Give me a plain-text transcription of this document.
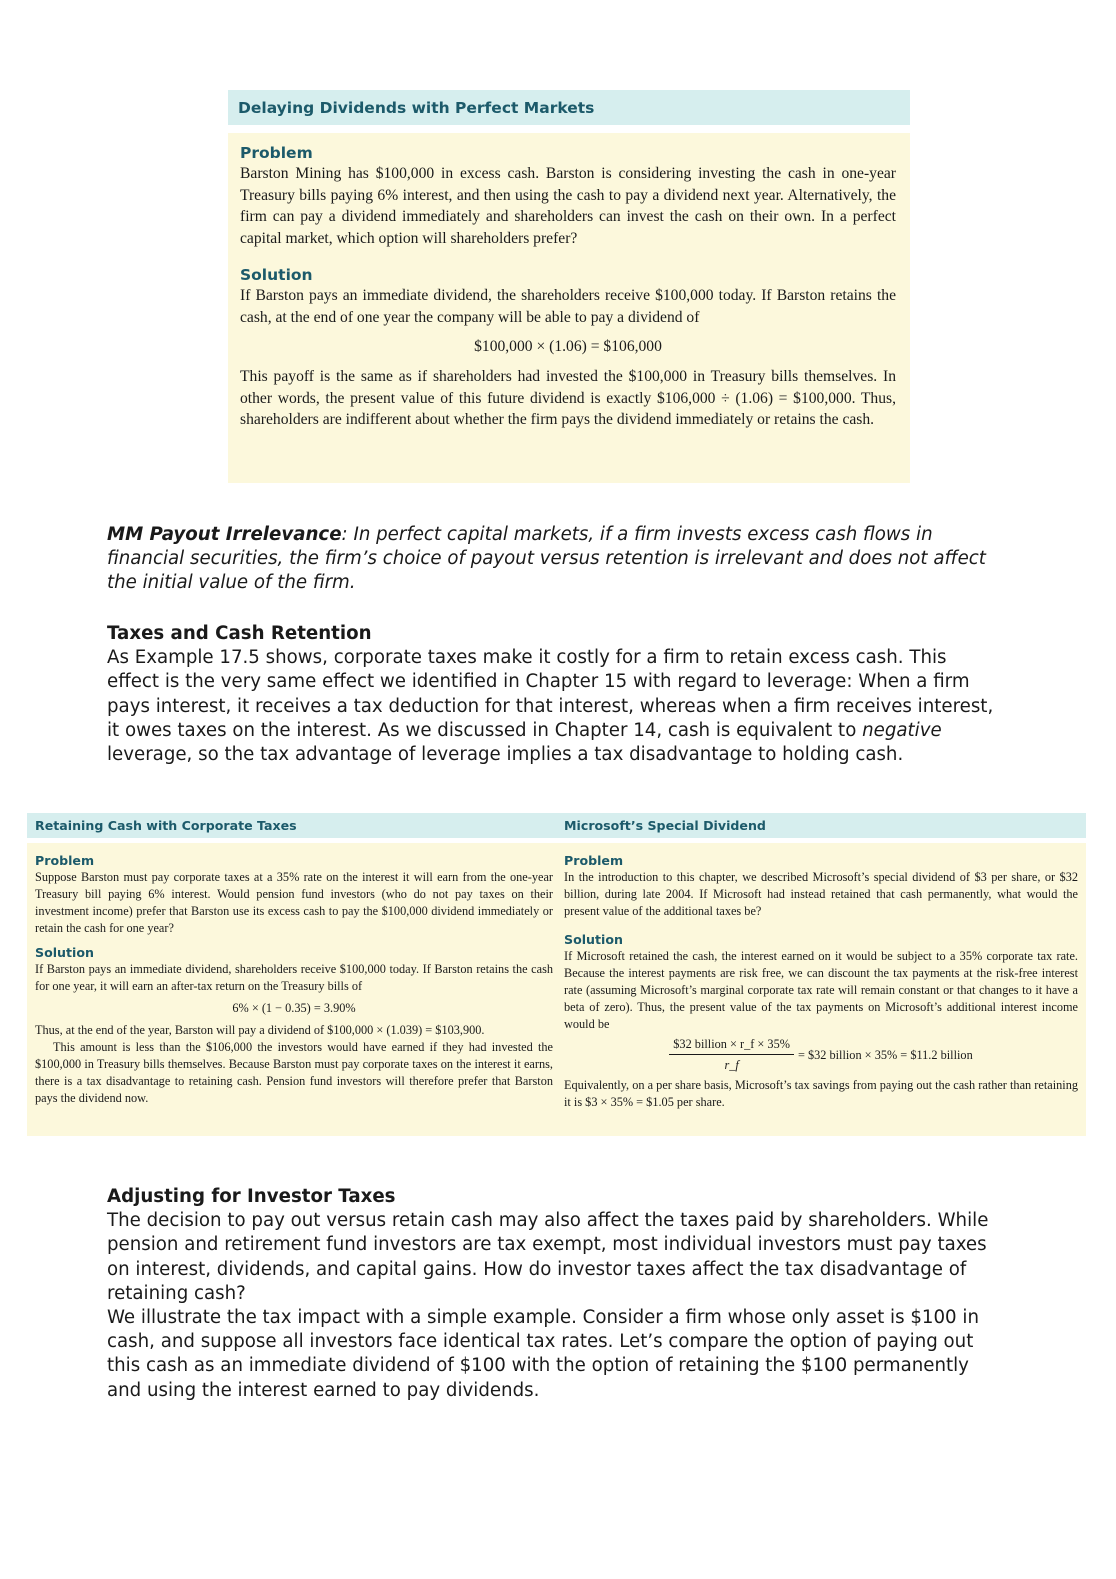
Delaying Dividends with Perfect Markets
Problem

Barston Mining has $100,000 in excess cash. Barston is considering investing the cash in one-year Treasury bills paying 6% interest, and then using the cash to pay a dividend next year. Alternatively, the firm can pay a dividend immediately and shareholders can invest the cash on their own. In a perfect capital market, which option will shareholders prefer?

Solution

If Barston pays an immediate dividend, the shareholders receive $100,000 today. If Barston retains the cash, at the end of one year the company will be able to pay a dividend of

$100,000 × (1.06) = $106,000

This payoff is the same as if shareholders had invested the $100,000 in Treasury bills themselves. In other words, the present value of this future dividend is exactly $106,000 ÷ (1.06) = $100,000. Thus, shareholders are indifferent about whether the firm pays the dividend immediately or retains the cash.

MM Payout Irrelevance: In perfect capital markets, if a firm invests excess cash flows in financial securities, the firm’s choice of payout versus retention is irrelevant and does not affect the initial value of the firm.

Taxes and Cash Retention

As Example 17.5 shows, corporate taxes make it costly for a firm to retain excess cash. This effect is the very same effect we identified in Chapter 15 with regard to leverage: When a firm pays interest, it receives a tax deduction for that interest, whereas when a firm receives interest, it owes taxes on the interest. As we discussed in Chapter 14, cash is equivalent to negative leverage, so the tax advantage of leverage implies a tax disadvantage to holding cash.

Retaining Cash with Corporate Taxes
Problem

Suppose Barston must pay corporate taxes at a 35% rate on the interest it will earn from the one-year Treasury bill paying 6% interest. Would pension fund investors (who do not pay taxes on their investment income) prefer that Barston use its excess cash to pay the $100,000 dividend immediately or retain the cash for one year?

Solution

If Barston pays an immediate dividend, shareholders receive $100,000 today. If Barston retains the cash for one year, it will earn an after-tax return on the Treasury bills of

6% × (1 − 0.35) = 3.90%

Thus, at the end of the year, Barston will pay a dividend of $100,000 × (1.039) = $103,900.

This amount is less than the $106,000 the investors would have earned if they had invested the $100,000 in Treasury bills themselves. Because Barston must pay corporate taxes on the interest it earns, there is a tax disadvantage to retaining cash. Pension fund investors will therefore prefer that Barston pays the dividend now.

Microsoft’s Special Dividend
Problem

In the introduction to this chapter, we described Microsoft’s special dividend of $3 per share, or $32 billion, during late 2004. If Microsoft had instead retained that cash permanently, what would the present value of the additional taxes be?

Solution

If Microsoft retained the cash, the interest earned on it would be subject to a 35% corporate tax rate. Because the interest payments are risk free, we can discount the tax payments at the risk-free interest rate (assuming Microsoft’s marginal corporate tax rate will remain constant or that changes to it have a beta of zero). Thus, the present value of the tax payments on Microsoft’s additional interest income would be

$\frac{\text{\$32 billion × r\_f × 35\%}}{r\_f}$ = $32 billion × 35% = $11.2 billion

Equivalently, on a per share basis, Microsoft’s tax savings from paying out the cash rather than retaining it is $3 × 35% = $1.05 per share.

Adjusting for Investor Taxes

The decision to pay out versus retain cash may also affect the taxes paid by shareholders. While pension and retirement fund investors are tax exempt, most individual investors must pay taxes on interest, dividends, and capital gains. How do investor taxes affect the tax disadvantage of retaining cash?

We illustrate the tax impact with a simple example. Consider a firm whose only asset is $100 in cash, and suppose all investors face identical tax rates. Let’s compare the option of paying out this cash as an immediate dividend of $100 with the option of retaining the $100 permanently and using the interest earned to pay dividends.
